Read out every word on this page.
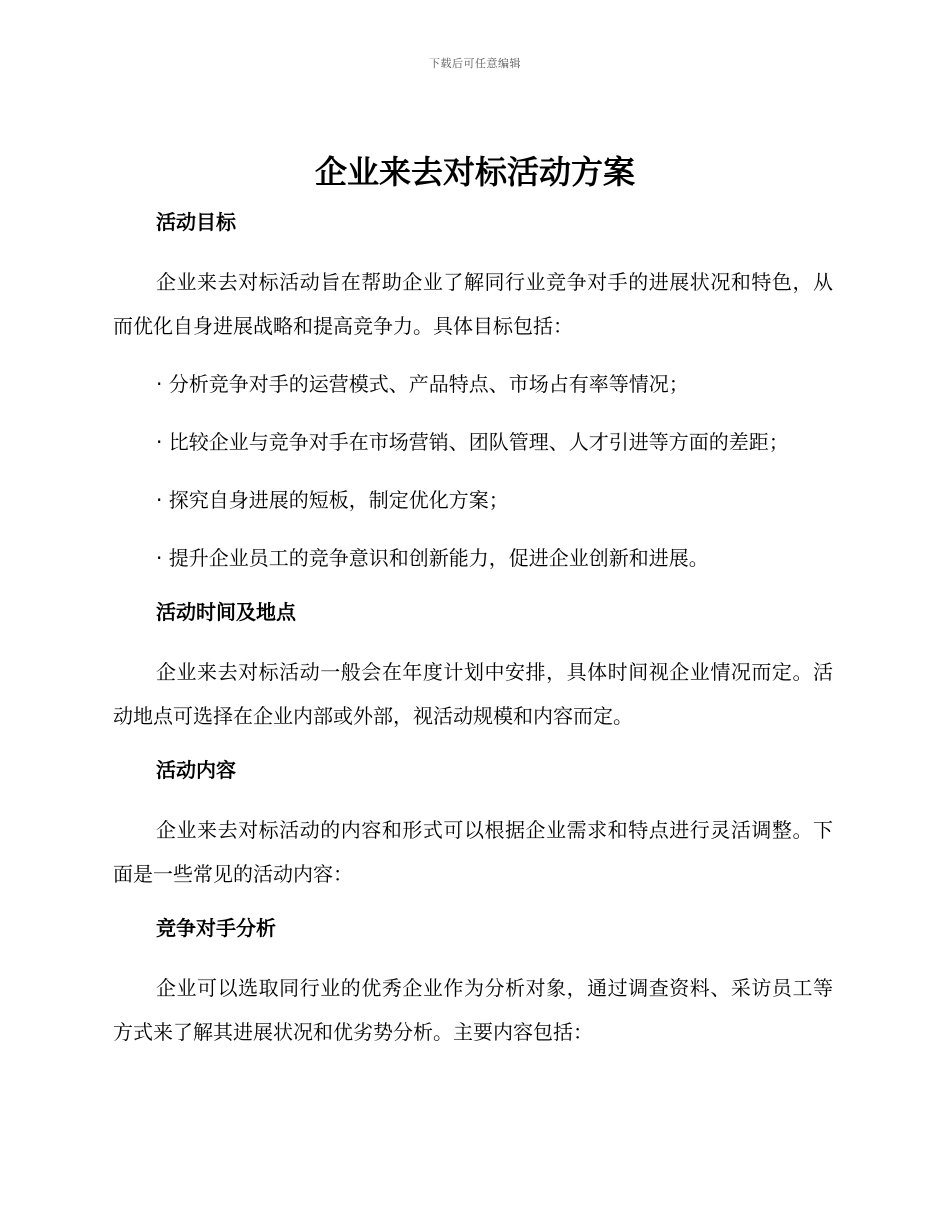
下载后可任意编辑
企业来去对标活动方案
活动目标

企业来去对标活动旨在帮助企业了解同行业竞争对手的进展状况和特色，从而优化自身进展战略和提高竞争力。具体目标包括：

· 分析竞争对手的运营模式、产品特点、市场占有率等情况；

· 比较企业与竞争对手在市场营销、团队管理、人才引进等方面的差距；

· 探究自身进展的短板，制定优化方案；

· 提升企业员工的竞争意识和创新能力，促进企业创新和进展。

活动时间及地点

企业来去对标活动一般会在年度计划中安排，具体时间视企业情况而定。活动地点可选择在企业内部或外部，视活动规模和内容而定。

活动内容

企业来去对标活动的内容和形式可以根据企业需求和特点进行灵活调整。下面是一些常见的活动内容：

竞争对手分析

企业可以选取同行业的优秀企业作为分析对象，通过调查资料、采访员工等方式来了解其进展状况和优劣势分析。主要内容包括：
